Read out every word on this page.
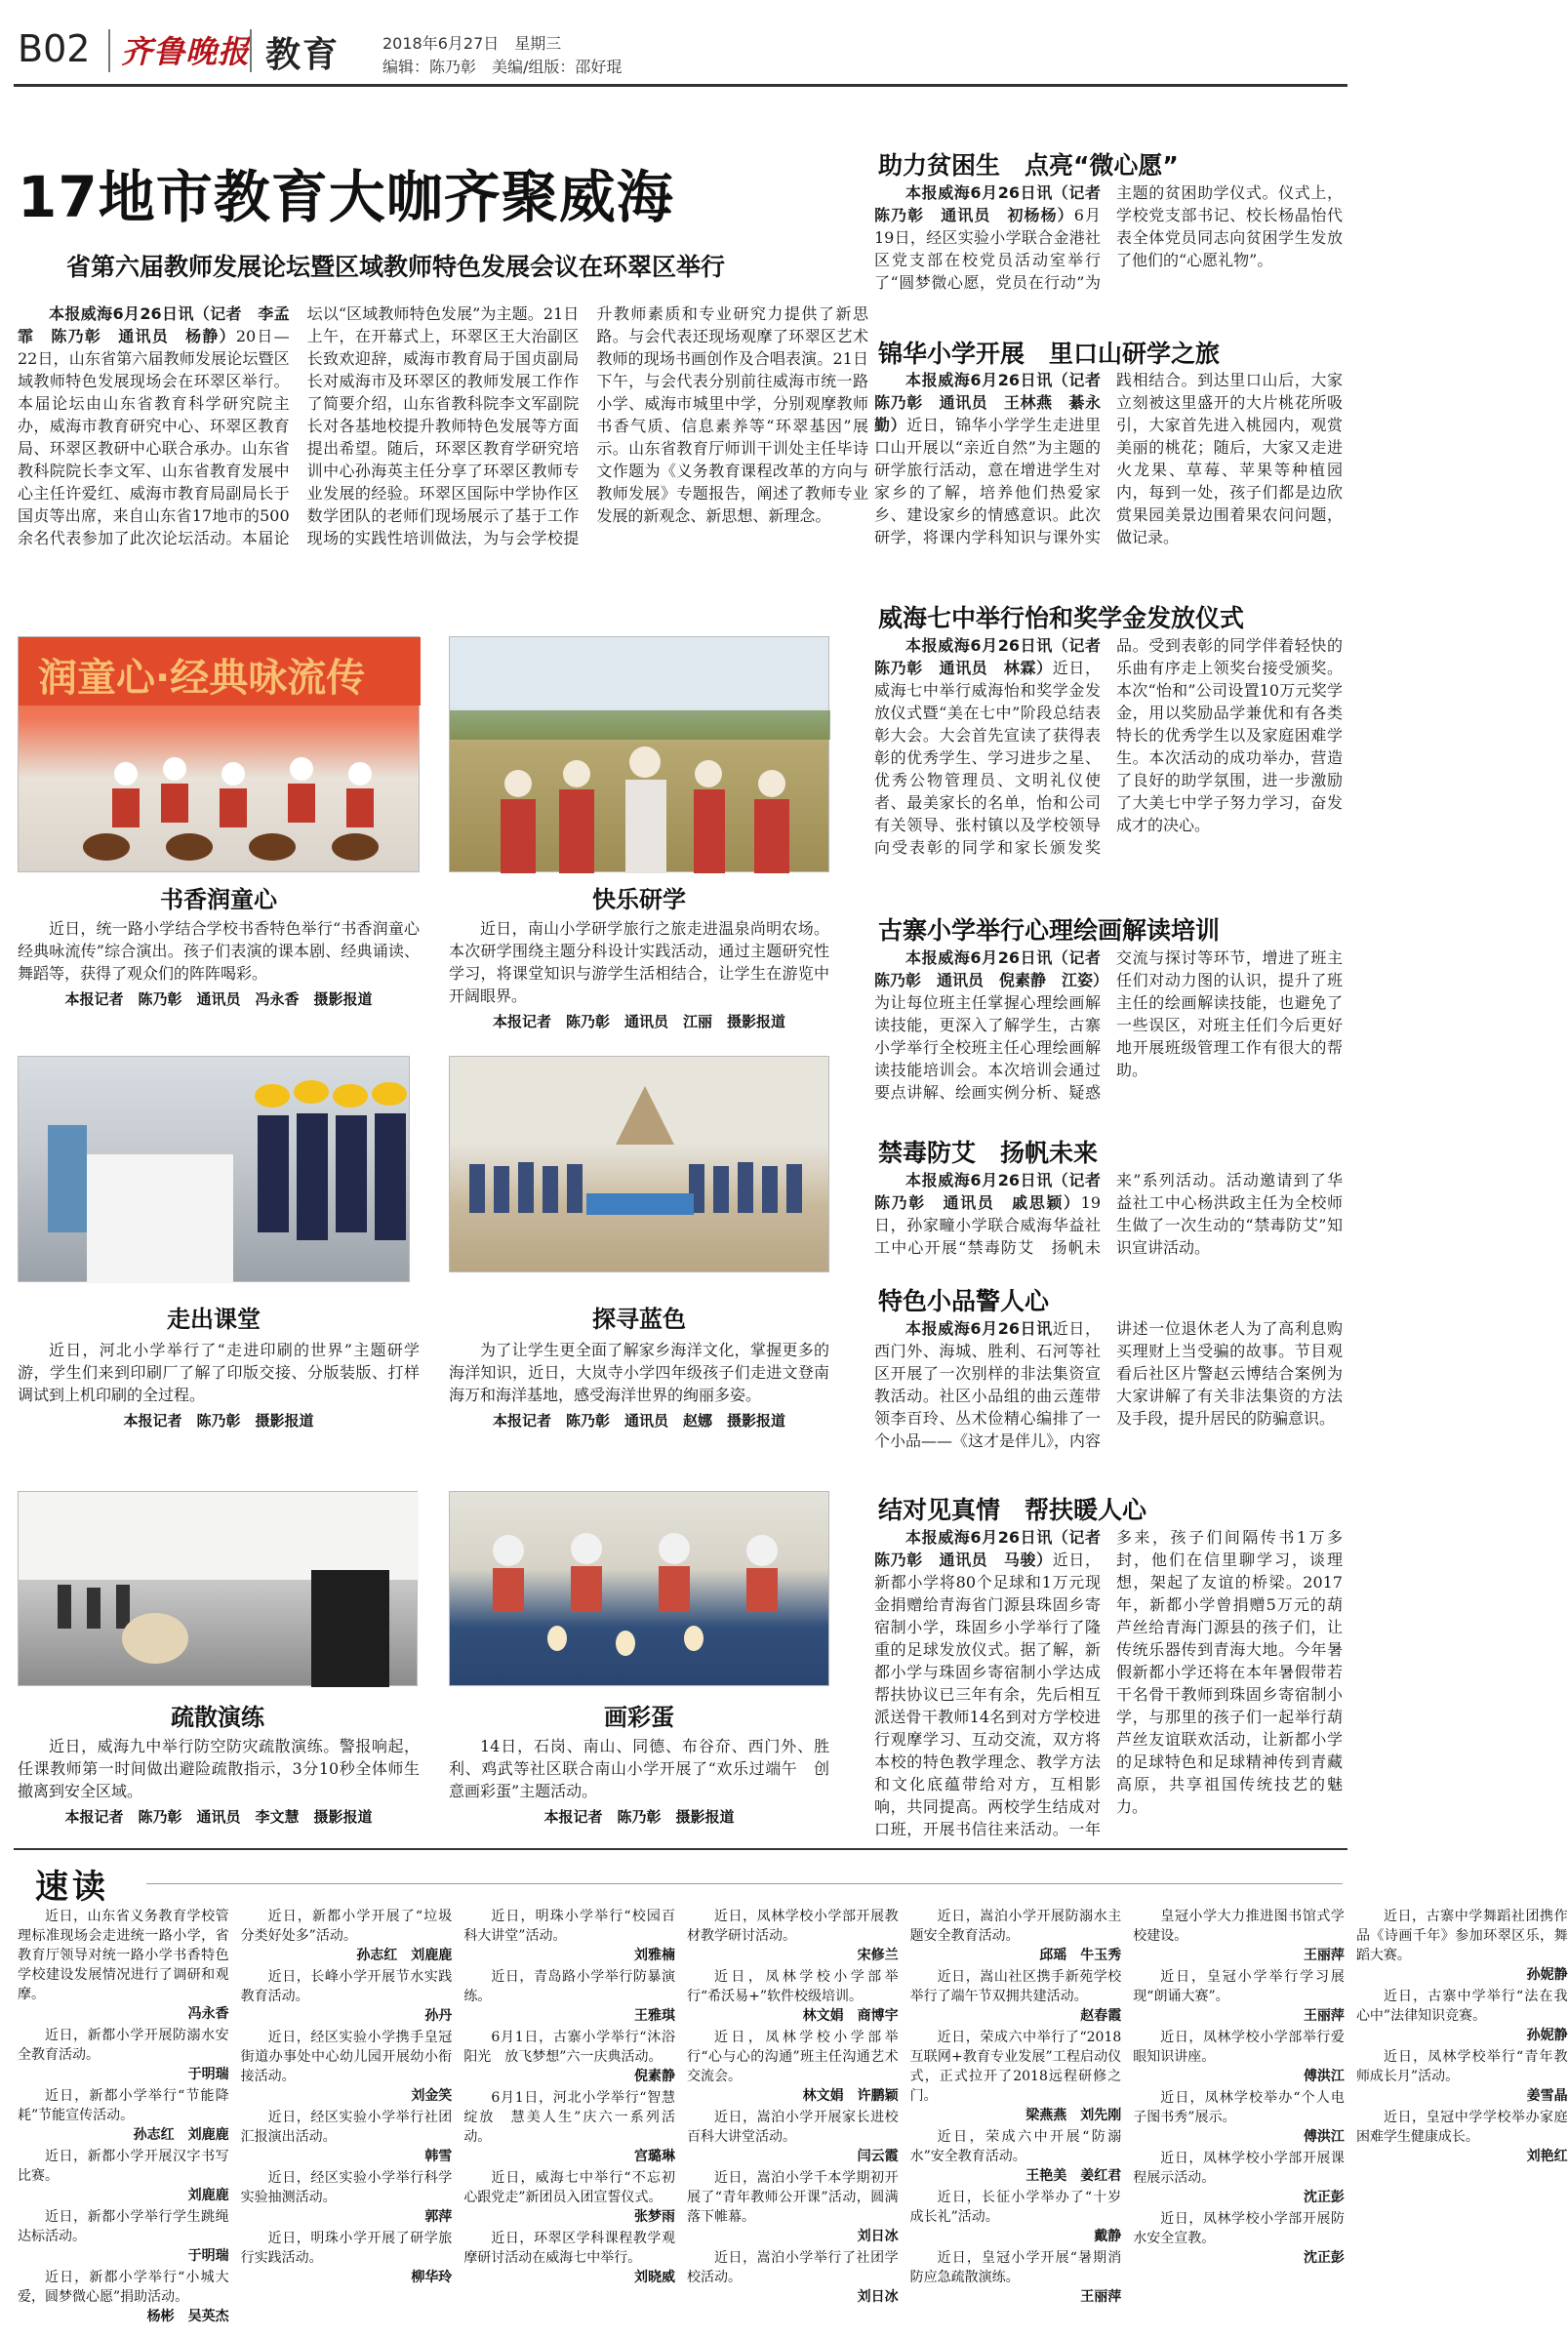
B02 齐鲁晚报 教育	2018年6月27日　星期三
编辑：陈乃彰　美编/组版：邵好琨
17地市教育大咖齐聚威海
省第六届教师发展论坛暨区域教师特色发展会议在环翠区举行

本报威海6月26日讯（记者　李孟霏　陈乃彰　通讯员　杨静）20日—22日，山东省第六届教师发展论坛暨区域教师特色发展现场会在环翠区举行。本届论坛由山东省教育科学研究院主办，威海市教育研究中心、环翠区教育局、环翠区教研中心联合承办。山东省教科院院长李文军、山东省教育发展中心主任许爱红、威海市教育局副局长于国贞等出席，来自山东省17地市的500余名代表参加了此次论坛活动。本届论坛以“区域教师特色发展”为主题。21日上午，在开幕式上，环翠区王大治副区长致欢迎辞，威海市教育局于国贞副局长对威海市及环翠区的教师发展工作作了简要介绍，山东省教科院李文军副院长对各基地校提升教师特色发展等方面提出希望。随后，环翠区教育学研究培训中心孙海英主任分享了环翠区教师专业发展的经验。环翠区国际中学协作区数学团队的老师们现场展示了基于工作现场的实践性培训做法，为与会学校提升教师素质和专业研究力提供了新思路。与会代表还现场观摩了环翠区艺术教师的现场书画创作及合唱表演。21日下午，与会代表分别前往威海市统一路小学、威海市城里中学，分别观摩教师书香气质、信息素养等“环翠基因”展示。山东省教育厅师训干训处主任毕诗文作题为《义务教育课程改革的方向与教师发展》专题报告，阐述了教师专业发展的新观念、新思想、新理念。

润童心·经典咏流传
书香润童心

近日，统一路小学结合学校书香特色举行“书香润童心　经典咏流传”综合演出。孩子们表演的课本剧、经典诵读、舞蹈等，获得了观众们的阵阵喝彩。

本报记者　陈乃彰　通讯员　冯永香　摄影报道

快乐研学

近日，南山小学研学旅行之旅走进温泉尚明农场。本次研学围绕主题分科设计实践活动，通过主题研究性学习，将课堂知识与游学生活相结合，让学生在游览中开阔眼界。

本报记者　陈乃彰　通讯员　江丽　摄影报道

走出课堂

近日，河北小学举行了“走进印刷的世界”主题研学游，学生们来到印刷厂了解了印版交接、分版装版、打样调试到上机印刷的全过程。

本报记者　陈乃彰　摄影报道

探寻蓝色

为了让学生更全面了解家乡海洋文化，掌握更多的海洋知识，近日，大岚寺小学四年级孩子们走进文登南海万和海洋基地，感受海洋世界的绚丽多姿。

本报记者　陈乃彰　通讯员　赵娜　摄影报道

疏散演练

近日，威海九中举行防空防灾疏散演练。警报响起，任课教师第一时间做出避险疏散指示，3分10秒全体师生撤离到安全区域。

本报记者　陈乃彰　通讯员　李文慧　摄影报道

画彩蛋

14日，石岗、南山、同德、布谷夼、西门外、胜利、鸡武等社区联合南山小学开展了“欢乐过端午　创意画彩蛋”主题活动。

本报记者　陈乃彰　摄影报道

助力贫困生　点亮“微心愿”

本报威海6月26日讯（记者　陈乃彰　通讯员　初杨杨）6月19日，经区实验小学联合金港社区党支部在校党员活动室举行了“圆梦微心愿，党员在行动”为主题的贫困助学仪式。仪式上，学校党支部书记、校长杨晶怡代表全体党员同志向贫困学生发放了他们的“心愿礼物”。

锦华小学开展　里口山研学之旅

本报威海6月26日讯（记者　陈乃彰　通讯员　王林燕　綦永勤）近日，锦华小学学生走进里口山开展以“亲近自然”为主题的研学旅行活动，意在增进学生对家乡的了解，培养他们热爱家乡、建设家乡的情感意识。此次研学，将课内学科知识与课外实践相结合。到达里口山后，大家立刻被这里盛开的大片桃花所吸引，大家首先进入桃园内，观赏美丽的桃花；随后，大家又走进火龙果、草莓、苹果等种植园内，每到一处，孩子们都是边欣赏果园美景边围着果农问问题，做记录。

威海七中举行怡和奖学金发放仪式

本报威海6月26日讯（记者　陈乃彰　通讯员　林霖）近日，威海七中举行威海怡和奖学金发放仪式暨“美在七中”阶段总结表彰大会。大会首先宣读了获得表彰的优秀学生、学习进步之星、优秀公物管理员、文明礼仪使者、最美家长的名单，怡和公司有关领导、张村镇以及学校领导向受表彰的同学和家长颁发奖品。受到表彰的同学伴着轻快的乐曲有序走上领奖台接受颁奖。本次“怡和”公司设置10万元奖学金，用以奖励品学兼优和有各类特长的优秀学生以及家庭困难学生。本次活动的成功举办，营造了良好的助学氛围，进一步激励了大美七中学子努力学习，奋发成才的决心。

古寨小学举行心理绘画解读培训

本报威海6月26日讯（记者　陈乃彰　通讯员　倪素静　江姿）为让每位班主任掌握心理绘画解读技能，更深入了解学生，古寨小学举行全校班主任心理绘画解读技能培训会。本次培训会通过要点讲解、绘画实例分析、疑惑交流与探讨等环节，增进了班主任们对动力图的认识，提升了班主任的绘画解读技能，也避免了一些误区，对班主任们今后更好地开展班级管理工作有很大的帮助。

禁毒防艾　扬帆未来

本报威海6月26日讯（记者　陈乃彰　通讯员　戚思颖）19日，孙家疃小学联合威海华益社工中心开展“禁毒防艾　扬帆未来”系列活动。活动邀请到了华益社工中心杨洪政主任为全校师生做了一次生动的“禁毒防艾”知识宣讲活动。

特色小品警人心

本报威海6月26日讯近日，西门外、海城、胜利、石河等社区开展了一次别样的非法集资宣教活动。社区小品组的曲云莲带领李百玲、丛术俭精心编排了一个小品——《这才是伴儿》，内容讲述一位退休老人为了高利息购买理财上当受骗的故事。节目观看后社区片警赵云博结合案例为大家讲解了有关非法集资的方法及手段，提升居民的防骗意识。

结对见真情　帮扶暖人心

本报威海6月26日讯（记者　陈乃彰　通讯员　马骏）近日，新都小学将80个足球和1万元现金捐赠给青海省门源县珠固乡寄宿制小学，珠固乡小学举行了隆重的足球发放仪式。据了解，新都小学与珠固乡寄宿制小学达成帮扶协议已三年有余，先后相互派送骨干教师14名到对方学校进行观摩学习、互动交流，双方将本校的特色教学理念、教学方法和文化底蕴带给对方，互相影响，共同提高。两校学生结成对口班，开展书信往来活动。一年多来，孩子们间隔传书1万多封，他们在信里聊学习，谈理想，架起了友谊的桥梁。2017年，新都小学曾捐赠5万元的葫芦丝给青海门源县的孩子们，让传统乐器传到青海大地。今年暑假新都小学还将在本年暑假带若干名骨干教师到珠固乡寄宿制小学，与那里的孩子们一起举行葫芦丝友谊联欢活动，让新都小学的足球特色和足球精神传到青藏高原，共享祖国传统技艺的魅力。

速读

近日，山东省义务教育学校管理标准现场会走进统一路小学，省教育厅领导对统一路小学书香特色学校建设发展情况进行了调研和观摩。

冯永香

近日，新都小学开展防溺水安全教育活动。

于明瑞

近日，新都小学举行“节能降耗”节能宣传活动。

孙志红　刘鹿鹿

近日，新都小学开展汉字书写比赛。

刘鹿鹿

近日，新都小学举行学生跳绳达标活动。

于明瑞

近日，新都小学举行“小城大爱，圆梦微心愿”捐助活动。

杨彬　吴英杰

近日，新都小学开展了“垃圾分类好处多”活动。

孙志红　刘鹿鹿

近日，长峰小学开展节水实践教育活动。

孙丹

近日，经区实验小学携手皇冠街道办事处中心幼儿园开展幼小衔接活动。

刘金笑

近日，经区实验小学举行社团汇报演出活动。

韩雪

近日，经区实验小学举行科学实验抽测活动。

郭萍

近日，明珠小学开展了研学旅行实践活动。

柳华玲

近日，明珠小学举行“校园百科大讲堂”活动。

刘雅楠

近日，青岛路小学举行防暴演练。

王雅琪

6月1日，古寨小学举行“沐浴阳光　放飞梦想”六一庆典活动。

倪素静

6月1日，河北小学举行“智慧绽放　慧美人生”庆六一系列活动。

宫璐琳

近日，威海七中举行“不忘初心跟党走”新团员入团宣誓仪式。

张梦雨

近日，环翠区学科课程教学观摩研讨活动在威海七中举行。

刘晓威

近日，凤林学校小学部开展教材教学研讨活动。

宋修兰

近日，凤林学校小学部举行“希沃易+”软件校级培训。

林文娟　商博宇

近日，凤林学校小学部举行“心与心的沟通”班主任沟通艺术交流会。

林文娟　许鹏颖

近日，嵩泊小学开展家长进校百科大讲堂活动。

闫云霞

近日，嵩泊小学千本学期初开展了“青年教师公开课”活动，圆满落下帷幕。

刘日冰

近日，嵩泊小学举行了社团学校活动。

刘日冰

近日，嵩泊小学开展防溺水主题安全教育活动。

邱瑶　牛玉秀

近日，嵩山社区携手新苑学校举行了端午节双拥共建活动。

赵春霞

近日，荣成六中举行了“2018互联网+教育专业发展”工程启动仪式，正式拉开了2018远程研修之门。

梁燕燕　刘先刚

近日，荣成六中开展“防溺水”安全教育活动。

王艳美　姜红君

近日，长征小学举办了“十岁成长礼”活动。

戴静

近日，皇冠小学开展“暑期消防应急疏散演练。

王丽萍

皇冠小学大力推进图书馆式学校建设。

王丽萍

近日，皇冠小学举行学习展现“朗诵大赛”。

王丽萍

近日，凤林学校小学部举行爱眼知识讲座。

傅洪江

近日，凤林学校举办“个人电子图书秀”展示。

傅洪江

近日，凤林学校小学部开展课程展示活动。

沈正彭

近日，凤林学校小学部开展防水安全宣教。

沈正彭

近日，古寨中学舞蹈社团携作品《诗画千年》参加环翠区乐，舞蹈大赛。

孙妮静

近日，古寨中学举行“法在我心中”法律知识竞赛。

孙妮静

近日，凤林学校举行“青年教师成长月”活动。

姜雪晶

近日，皇冠中学学校举办家庭困难学生健康成长。

刘艳红
